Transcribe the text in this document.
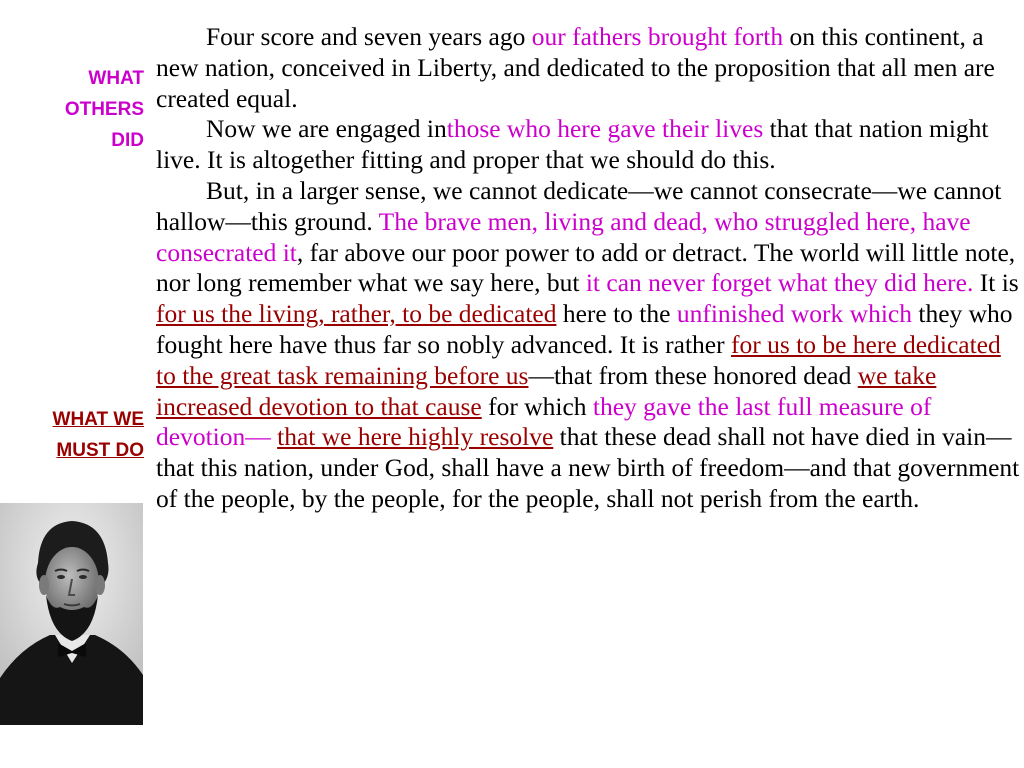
WHAT
OTHERS
DID
WHAT WE
MUST DO

Four score and seven years ago our fathers brought forth on this continent, a new nation, conceived in Liberty, and dedicated to the proposition that all men are created equal.

Now we are engaged inthose who here gave their lives that that nation might live. It is altogether fitting and proper that we should do this.

But, in a larger sense, we cannot dedicate—we cannot consecrate—we cannot hallow—this ground. The brave men, living and dead, who struggled here, have consecrated it, far above our poor power to add or detract. The world will little note, nor long remember what we say here, but it can never forget what they did here. It is for us the living, rather, to be dedicated here to the unfinished work which they who fought here have thus far so nobly advanced. It is rather for us to be here dedicated to the great task remaining before us—that from these honored dead we take increased devotion to that cause for which they gave the last full measure of devotion— that we here highly resolve that these dead shall not have died in vain—that this nation, under God, shall have a new birth of freedom—and that government of the people, by the people, for the people, shall not perish from the earth.
